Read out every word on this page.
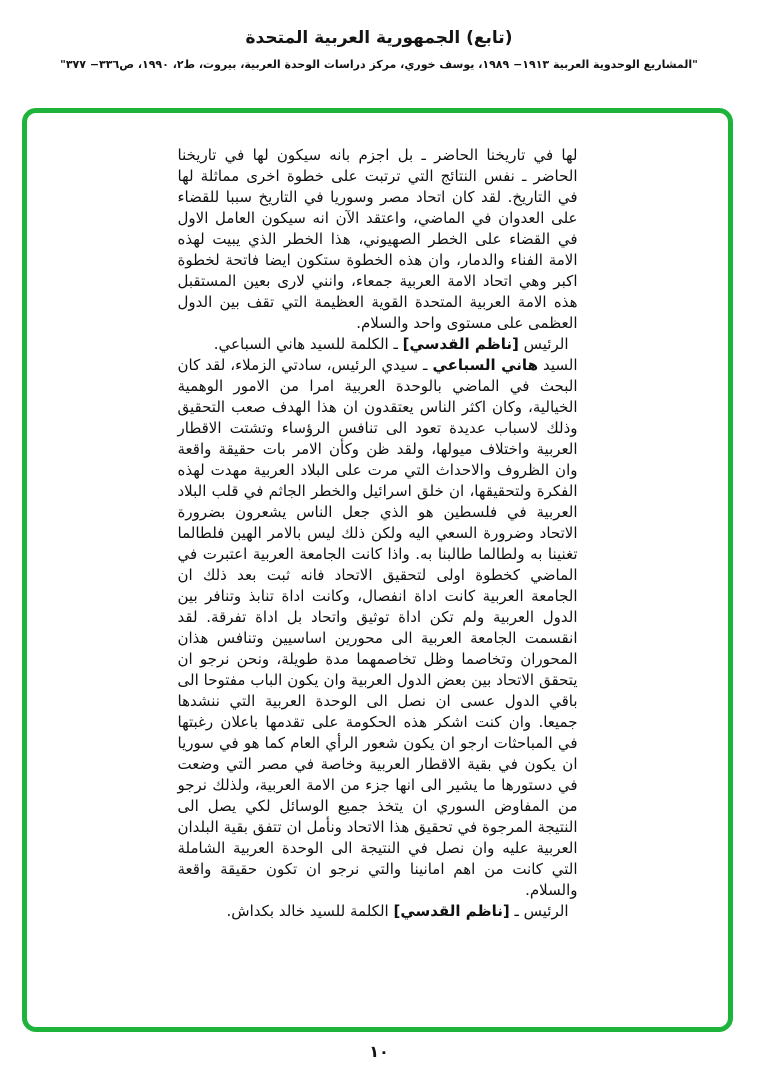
(تابع) الجمهورية العربية المتحدة

"المشاريع الوحدوية العربية ١٩١٣− ١٩٨٩، يوسف خوري، مركز دراسات الوحدة العربية، بيروت، ط٢، ١٩٩٠، ص٣٣٦− ٣٧٧"

لها في تاريخنا الحاضر ـ بل اجزم بانه سيكون لها في تاريخنا الحاضر ـ نفس النتائج التي ترتبت على خطوة اخرى مماثلة لها في التاريخ. لقد كان اتحاد مصر وسوريا في التاريخ سببا للقضاء على العدوان في الماضي، واعتقد الآن انه سيكون العامل الاول في القضاء على الخطر الصهيوني، هذا الخطر الذي يبيت لهذه الامة الفناء والدمار، وان هذه الخطوة ستكون ايضا فاتحة لخطوة اكبر وهي اتحاد الامة العربية جمعاء، وانني لارى بعين المستقبل هذه الامة العربية المتحدة القوية العظيمة التي تقف بين الدول العظمى على مستوى واحد والسلام.

الرئيس [ناظم القدسي] ـ الكلمة للسيد هاني السباعي.

السيد هاني السباعي ـ سيدي الرئيس، سادتي الزملاء، لقد كان البحث في الماضي بالوحدة العربية امرا من الامور الوهمية الخيالية، وكان اكثر الناس يعتقدون ان هذا الهدف صعب التحقيق وذلك لاسباب عديدة تعود الى تنافس الرؤساء وتشتت الاقطار العربية واختلاف ميولها، ولقد ظن وكأن الامر بات حقيقة واقعة وان الظروف والاحداث التي مرت على البلاد العربية مهدت لهذه الفكرة ولتحقيقها، ان خلق اسرائيل والخطر الجاثم في قلب البلاد العربية في فلسطين هو الذي جعل الناس يشعرون بضرورة الاتحاد وضرورة السعي اليه ولكن ذلك ليس بالامر الهين فلطالما تغنينا به ولطالما طالبنا به. واذا كانت الجامعة العربية اعتبرت في الماضي كخطوة اولى لتحقيق الاتحاد فانه ثبت بعد ذلك ان الجامعة العربية كانت اداة انفصال، وكانت اداة تنابذ وتنافر بين الدول العربية ولم تكن اداة توثيق واتحاد بل اداة تفرقة. لقد انقسمت الجامعة العربية الى محورين اساسيين وتنافس هذان المحوران وتخاصما وظل تخاصمهما مدة طويلة، ونحن نرجو ان يتحقق الاتحاد بين بعض الدول العربية وان يكون الباب مفتوحا الى باقي الدول عسى ان نصل الى الوحدة العربية التي ننشدها جميعا. وان كنت اشكر هذه الحكومة على تقدمها باعلان رغبتها في المباحثات ارجو ان يكون شعور الرأي العام كما هو في سوريا ان يكون في بقية الاقطار العربية وخاصة في مصر التي وضعت في دستورها ما يشير الى انها جزء من الامة العربية، ولذلك نرجو من المفاوض السوري ان يتخذ جميع الوسائل لكي يصل الى النتيجة المرجوة في تحقيق هذا الاتحاد ونأمل ان تتفق بقية البلدان العربية عليه وان نصل في النتيجة الى الوحدة العربية الشاملة التي كانت من اهم امانينا والتي نرجو ان تكون حقيقة واقعة والسلام.

الرئيس ـ [ناظم القدسي] الكلمة للسيد خالد بكداش.

١٠
